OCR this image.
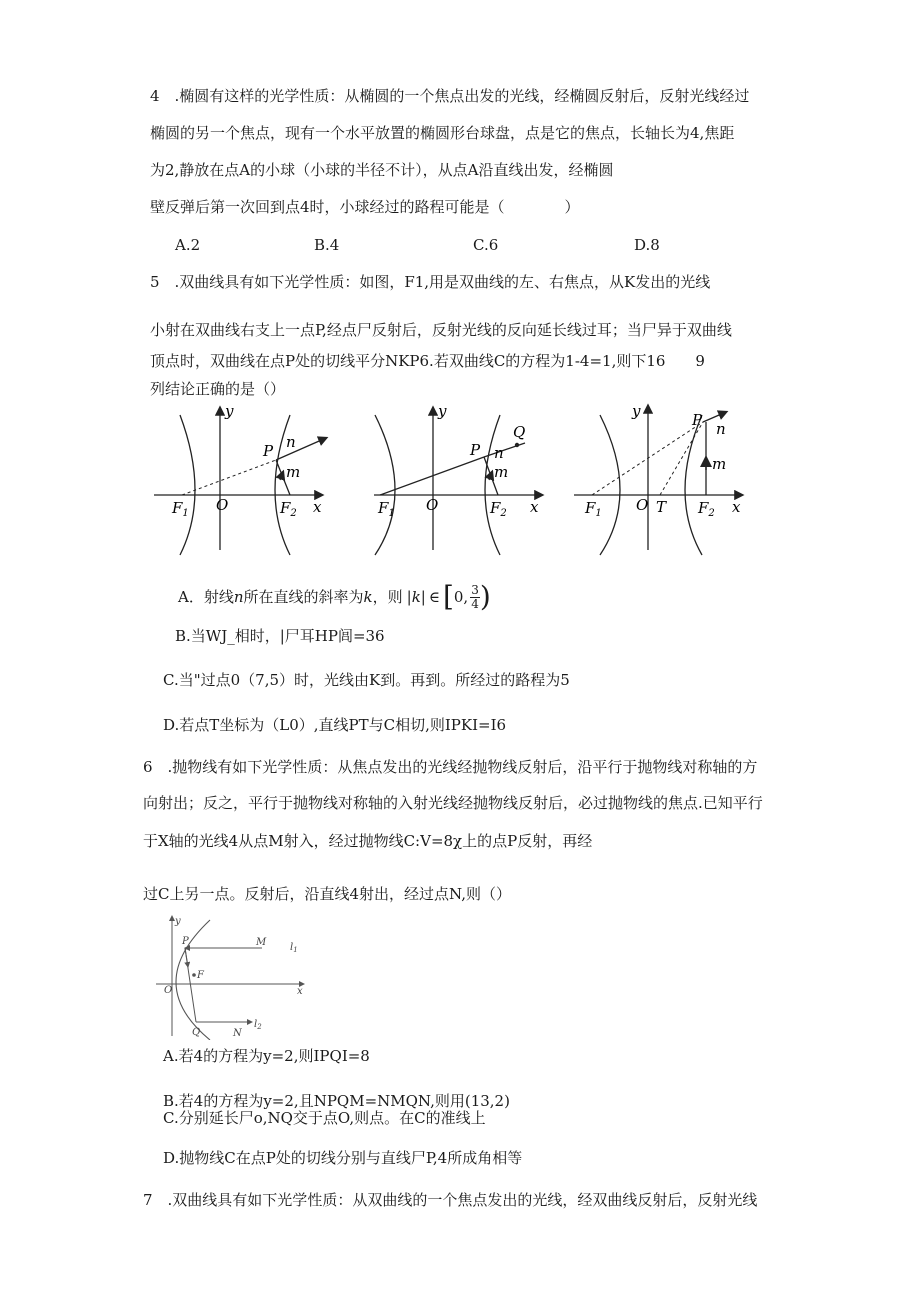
4　.椭圆有这样的光学性质：从椭圆的一个焦点出发的光线，经椭圆反射后，反射光线经过
椭圆的另一个焦点，现有一个水平放置的椭圆形台球盘，点是它的焦点，长轴长为4,焦距
为2,静放在点A的小球（小球的半径不计），从点A沿直线出发，经椭圆
壁反弹后第一次回到点4时，小球经过的路程可能是（　　　　）
A.2	B.4	C.6	D.8
5　.双曲线具有如下光学性质：如图，F1,用是双曲线的左、右焦点，从K发出的光线
小射在双曲线右支上一点P,经点尸反射后，反射光线的反向延长线过耳；当尸异于双曲线
顶点时，双曲线在点P处的切线平分NKP6.若双曲线C的方程为1-4=1,则下16　　9
列结论正确的是（）
$F_1$ O	$F_2$ x
y
P n
m
$F_1$ O	$F_2$ x
y
P
Q
n
m
$F_1$ O T $F_2$ x
y	P n
m
A．射线 n 所在直线的斜率为 k ，则 |k| ∈ [ 0, $\frac{3}{4}$ )
B.当WJ_相时，|尸耳HP闾=36
C.当"过点0（7,5）时，光线由K到。再到。所经过的路程为5
D.若点T坐标为（L0）,直线PT与C相切,则IPKI=I6
6　.抛物线有如下光学性质：从焦点发出的光线经抛物线反射后，沿平行于抛物线对称轴的方
向射出；反之，平行于抛物线对称轴的入射光线经抛物线反射后，必过抛物线的焦点.已知平行
于X轴的光线4从点M射入，经过抛物线C:V=8χ上的点P反射，再经
过C上另一点。反射后，沿直线4射出，经过点N,则（）
y
x
O
P
F
M $l_1$
Q	N
$l_2$
A.若4的方程为y=2,则IPQI=8
B.若4的方程为y=2,且NPQM=NMQN,则用(13,2)
C.分别延长尸o,NQ交于点O,则点。在C的准线上
D.抛物线C在点P处的切线分别与直线尸P,4所成角相等
7　.双曲线具有如下光学性质：从双曲线的一个焦点发出的光线，经双曲线反射后，反射光线
